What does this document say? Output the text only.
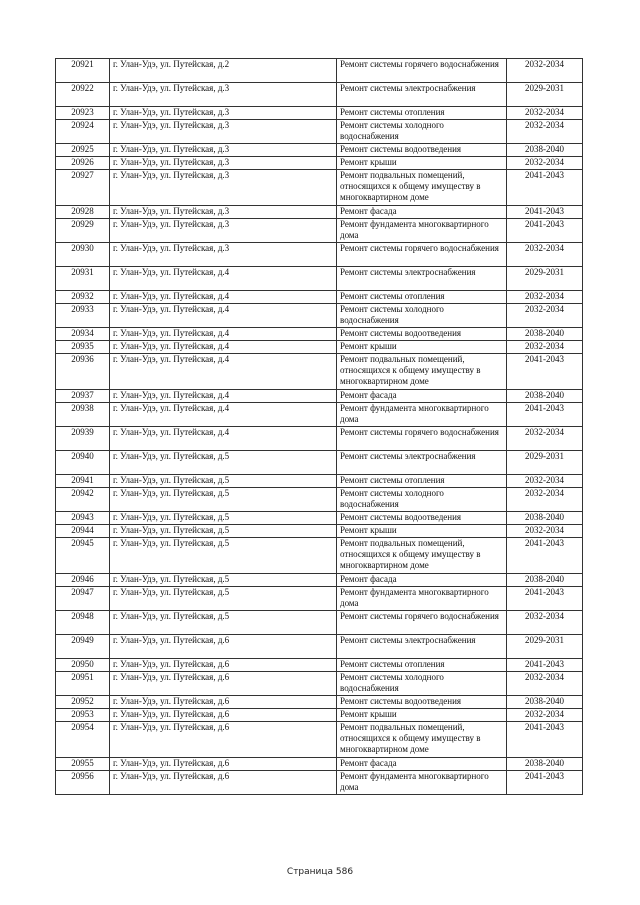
20921	г. Улан-Удэ, ул. Путейская, д.2	Ремонт системы горячего водоснабжения	2032-2034
20922	г. Улан-Удэ, ул. Путейская, д.3	Ремонт системы электроснабжения	2029-2031
20923	г. Улан-Удэ, ул. Путейская, д.3	Ремонт системы отопления	2032-2034
20924	г. Улан-Удэ, ул. Путейская, д.3	Ремонт системы холодного водоснабжения	2032-2034
20925	г. Улан-Удэ, ул. Путейская, д.3	Ремонт системы водоотведения	2038-2040
20926	г. Улан-Удэ, ул. Путейская, д.3	Ремонт крыши	2032-2034
20927	г. Улан-Удэ, ул. Путейская, д.3	Ремонт подвальных помещений, относящихся к общему имуществу в многоквартирном доме	2041-2043
20928	г. Улан-Удэ, ул. Путейская, д.3	Ремонт фасада	2041-2043
20929	г. Улан-Удэ, ул. Путейская, д.3	Ремонт фундамента многоквартирного дома	2041-2043
20930	г. Улан-Удэ, ул. Путейская, д.3	Ремонт системы горячего водоснабжения	2032-2034
20931	г. Улан-Удэ, ул. Путейская, д.4	Ремонт системы электроснабжения	2029-2031
20932	г. Улан-Удэ, ул. Путейская, д.4	Ремонт системы отопления	2032-2034
20933	г. Улан-Удэ, ул. Путейская, д.4	Ремонт системы холодного водоснабжения	2032-2034
20934	г. Улан-Удэ, ул. Путейская, д.4	Ремонт системы водоотведения	2038-2040
20935	г. Улан-Удэ, ул. Путейская, д.4	Ремонт крыши	2032-2034
20936	г. Улан-Удэ, ул. Путейская, д.4	Ремонт подвальных помещений, относящихся к общему имуществу в многоквартирном доме	2041-2043
20937	г. Улан-Удэ, ул. Путейская, д.4	Ремонт фасада	2038-2040
20938	г. Улан-Удэ, ул. Путейская, д.4	Ремонт фундамента многоквартирного дома	2041-2043
20939	г. Улан-Удэ, ул. Путейская, д.4	Ремонт системы горячего водоснабжения	2032-2034
20940	г. Улан-Удэ, ул. Путейская, д.5	Ремонт системы электроснабжения	2029-2031
20941	г. Улан-Удэ, ул. Путейская, д.5	Ремонт системы отопления	2032-2034
20942	г. Улан-Удэ, ул. Путейская, д.5	Ремонт системы холодного водоснабжения	2032-2034
20943	г. Улан-Удэ, ул. Путейская, д.5	Ремонт системы водоотведения	2038-2040
20944	г. Улан-Удэ, ул. Путейская, д.5	Ремонт крыши	2032-2034
20945	г. Улан-Удэ, ул. Путейская, д.5	Ремонт подвальных помещений, относящихся к общему имуществу в многоквартирном доме	2041-2043
20946	г. Улан-Удэ, ул. Путейская, д.5	Ремонт фасада	2038-2040
20947	г. Улан-Удэ, ул. Путейская, д.5	Ремонт фундамента многоквартирного дома	2041-2043
20948	г. Улан-Удэ, ул. Путейская, д.5	Ремонт системы горячего водоснабжения	2032-2034
20949	г. Улан-Удэ, ул. Путейская, д.6	Ремонт системы электроснабжения	2029-2031
20950	г. Улан-Удэ, ул. Путейская, д.6	Ремонт системы отопления	2041-2043
20951	г. Улан-Удэ, ул. Путейская, д.6	Ремонт системы холодного водоснабжения	2032-2034
20952	г. Улан-Удэ, ул. Путейская, д.6	Ремонт системы водоотведения	2038-2040
20953	г. Улан-Удэ, ул. Путейская, д.6	Ремонт крыши	2032-2034
20954	г. Улан-Удэ, ул. Путейская, д.6	Ремонт подвальных помещений, относящихся к общему имуществу в многоквартирном доме	2041-2043
20955	г. Улан-Удэ, ул. Путейская, д.6	Ремонт фасада	2038-2040
20956	г. Улан-Удэ, ул. Путейская, д.6	Ремонт фундамента многоквартирного дома	2041-2043
Страница 586
